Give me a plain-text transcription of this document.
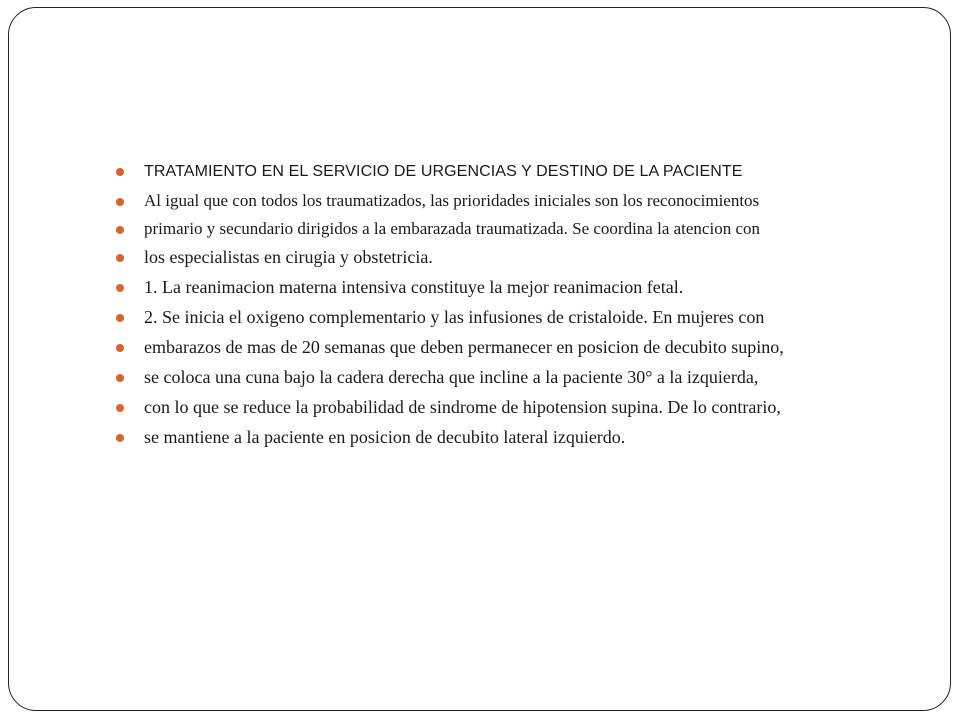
TRATAMIENTO EN EL SERVICIO DE URGENCIAS Y DESTINO DE LA PACIENTE
Al igual que con todos los traumatizados, las prioridades iniciales son los reconocimientos
primario y secundario dirigidos a la embarazada traumatizada. Se coordina la atencion con
los especialistas en cirugia y obstetricia.
1. La reanimacion materna intensiva constituye la mejor reanimacion fetal.
2. Se inicia el oxigeno complementario y las infusiones de cristaloide. En mujeres con
embarazos de mas de 20 semanas que deben permanecer en posicion de decubito supino,
se coloca una cuna bajo la cadera derecha que incline a la paciente 30° a la izquierda,
con lo que se reduce la probabilidad de sindrome de hipotension supina. De lo contrario,
se mantiene a la paciente en posicion de decubito lateral izquierdo.
